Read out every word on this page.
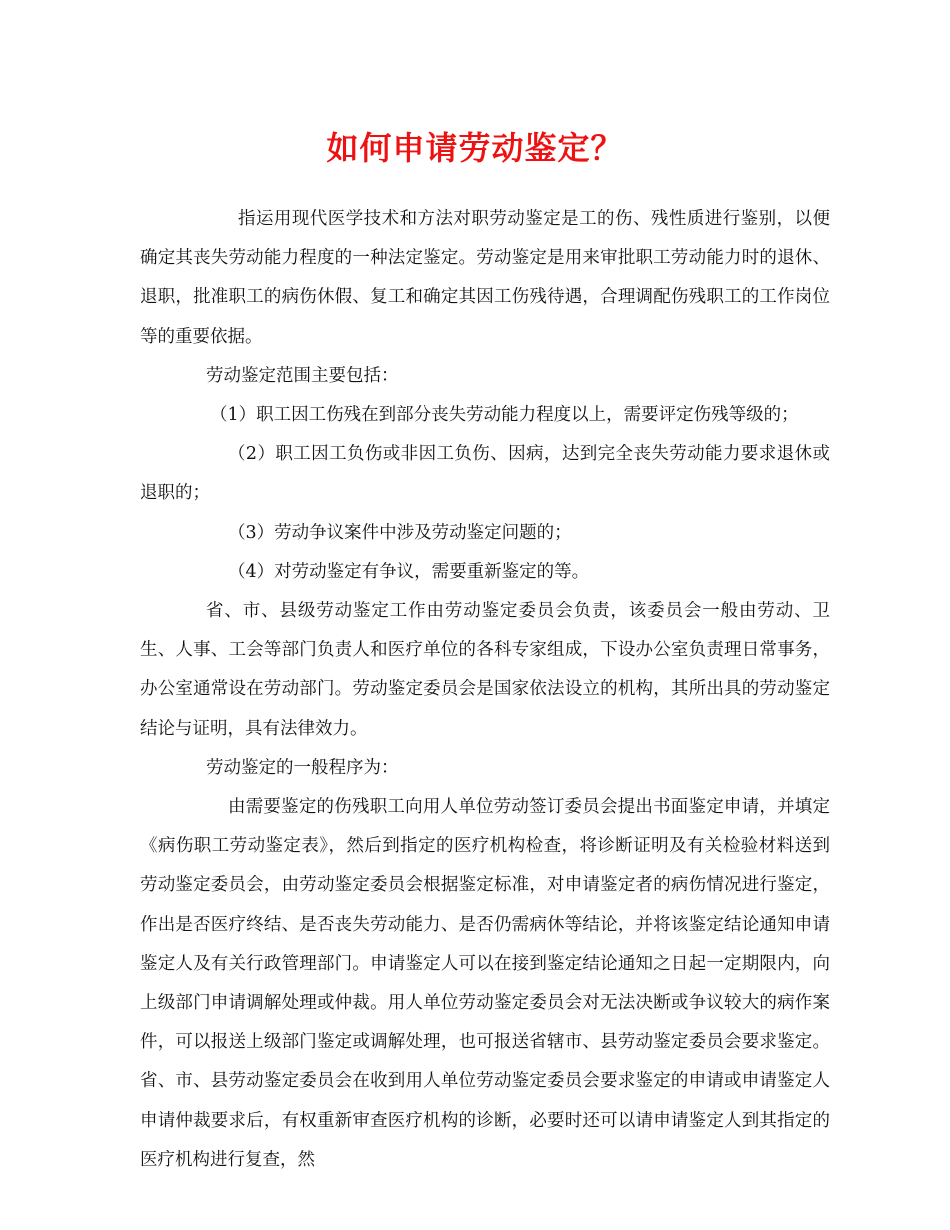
如何申请劳动鉴定？

指运用现代医学技术和方法对职劳动鉴定是工的伤、残性质进行鉴别，以便确定其丧失劳动能力程度的一种法定鉴定。劳动鉴定是用来审批职工劳动能力时的退休、退职，批准职工的病伤休假、复工和确定其因工伤残待遇，合理调配伤残职工的工作岗位等的重要依据。

劳动鉴定范围主要包括：

（1）职工因工伤残在到部分丧失劳动能力程度以上，需要评定伤残等级的；

（2）职工因工负伤或非因工负伤、因病，达到完全丧失劳动能力要求退休或退职的；

（3）劳动争议案件中涉及劳动鉴定问题的；

（4）对劳动鉴定有争议，需要重新鉴定的等。

省、市、县级劳动鉴定工作由劳动鉴定委员会负责，该委员会一般由劳动、卫生、人事、工会等部门负责人和医疗单位的各科专家组成，下设办公室负责理日常事务，办公室通常设在劳动部门。劳动鉴定委员会是国家依法设立的机构，其所出具的劳动鉴定结论与证明，具有法律效力。

劳动鉴定的一般程序为：

由需要鉴定的伤残职工向用人单位劳动签订委员会提出书面鉴定申请，并填定《病伤职工劳动鉴定表》，然后到指定的医疗机构检查，将诊断证明及有关检验材料送到劳动鉴定委员会，由劳动鉴定委员会根据鉴定标准，对申请鉴定者的病伤情况进行鉴定，作出是否医疗终结、是否丧失劳动能力、是否仍需病休等结论，并将该鉴定结论通知申请鉴定人及有关行政管理部门。申请鉴定人可以在接到鉴定结论通知之日起一定期限内，向上级部门申请调解处理或仲裁。用人单位劳动鉴定委员会对无法决断或争议较大的病作案件，可以报送上级部门鉴定或调解处理，也可报送省辖市、县劳动鉴定委员会要求鉴定。省、市、县劳动鉴定委员会在收到用人单位劳动鉴定委员会要求鉴定的申请或申请鉴定人申请仲裁要求后，有权重新审查医疗机构的诊断，必要时还可以请申请鉴定人到其指定的医疗机构进行复查，然
